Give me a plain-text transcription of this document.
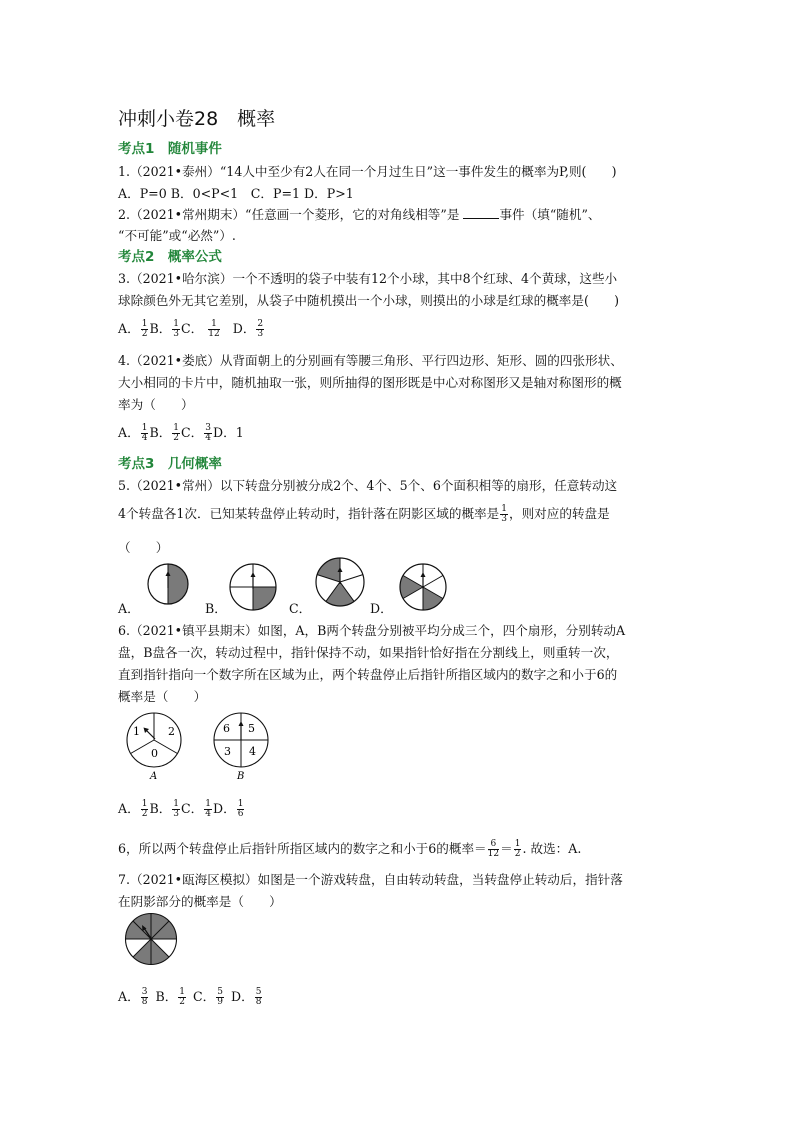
冲刺小卷28　概率
考点1　随机事件
1.（2021•泰州）“14人中至少有2人在同一个月过生日”这一事件发生的概率为P,则(　　)
A．P=0 B．0<P<1　C．P=1 D．P>1
2.（2021•常州期末）“任意画一个菱形，它的对角线相等”是	事件（填“随机”、
“不可能”或“必然”）.
考点2　概率公式
3.（2021•哈尔滨）一个不透明的袋子中装有12个小球，其中8个红球、4个黄球，这些小
球除颜色外无其它差别，从袋子中随机摸出一个小球，则摸出的小球是红球的概率是(　　)
A． $\frac{1}{2}$ B． $\frac{1}{3}$ C． $\frac{1}{12}$ D． $\frac{2}{3}$
4.（2021•娄底）从背面朝上的分别画有等腰三角形、平行四边形、矩形、圆的四张形状、
大小相同的卡片中，随机抽取一张，则所抽得的图形既是中心对称图形又是轴对称图形的概
率为（　　）
A． $\frac{1}{4}$ B． $\frac{1}{2}$ C． $\frac{3}{4}$ D．1
考点3　几何概率
5.（2021•常州）以下转盘分别被分成2个、4个、5个、6个面积相等的扇形，任意转动这
4个转盘各1次．已知某转盘停止转动时，指针落在阴影区域的概率是 $\frac{1}{3}$ ，则对应的转盘是
（　　）
A．	B．	C．	D．
6.（2021•镇平县期末）如图，A，B两个转盘分别被平均分成三个，四个扇形，分别转动A
盘，B盘各一次，转动过程中，指针保持不动，如果指针恰好指在分割线上，则重转一次，
直到指针指向一个数字所在区域为止，两个转盘停止后指针所指区域内的数字之和小于6的
概率是（　　）
1	2
0
A
6 5
3 4
B
A． $\frac{1}{2}$ B． $\frac{1}{3}$ C． $\frac{1}{4}$ D． $\frac{1}{6}$
6，所以两个转盘停止后指针所指区域内的数字之和小于6的概率＝ $\frac{6}{12} = \frac{1}{2}$ . 故选：A.
7.（2021•瓯海区模拟）如图是一个游戏转盘，自由转动转盘，当转盘停止转动后，指针落
在阴影部分的概率是（　　）
A． $\frac{3}{8}$ B． $\frac{1}{2}$ C． $\frac{5}{9}$ D． $\frac{5}{8}$
